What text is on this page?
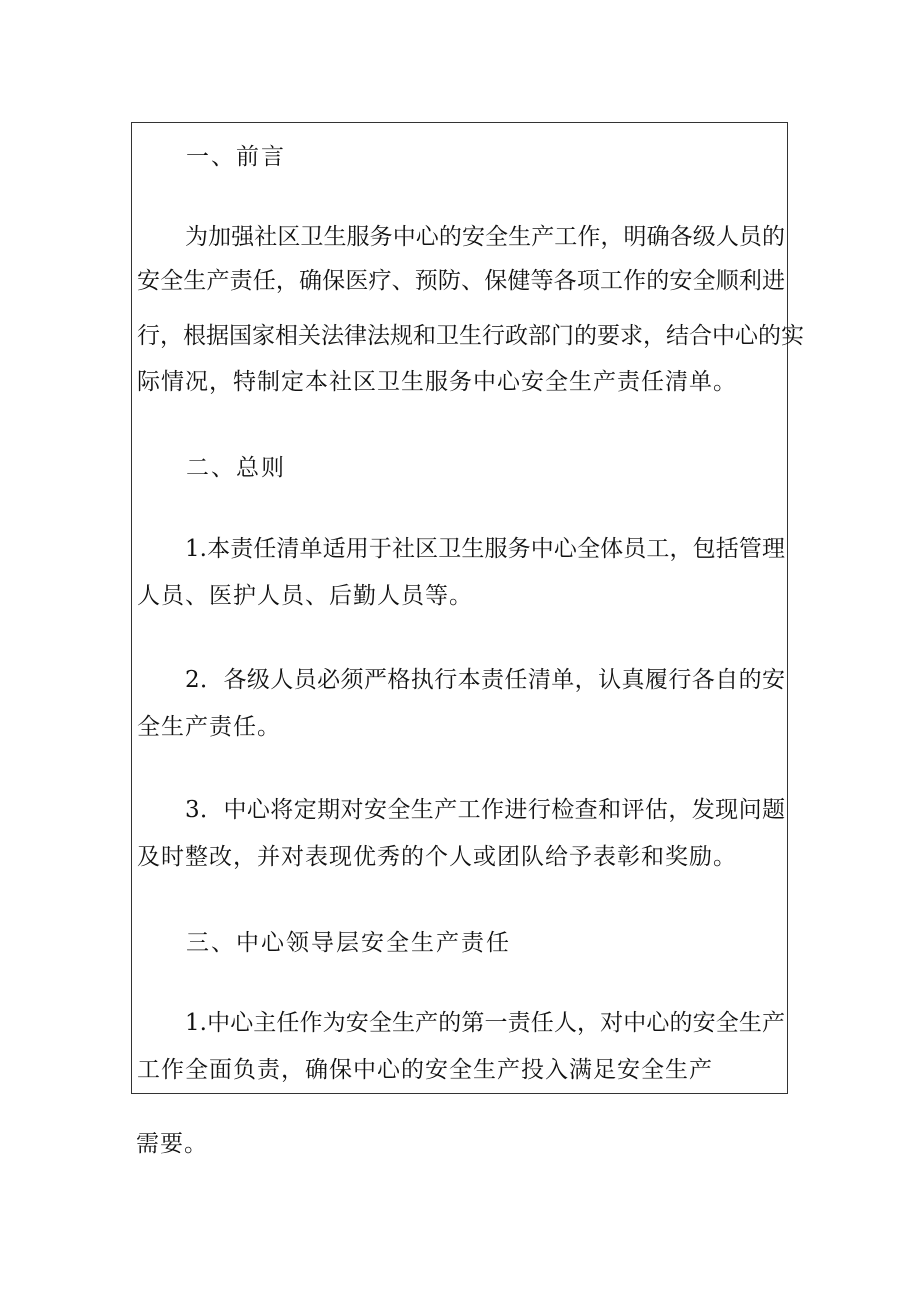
一、前言
为加强社区卫生服务中心的安全生产工作，明确各级人员的
安全生产责任，确保医疗、预防、保健等各项工作的安全顺利进
行，根据国家相关法律法规和卫生行政部门的要求，结合中心的实
际情况，特制定本社区卫生服务中心安全生产责任清单。
二、总则
1.本责任清单适用于社区卫生服务中心全体员工，包括管理
人员、医护人员、后勤人员等。
2．各级人员必须严格执行本责任清单，认真履行各自的安
全生产责任。
3．中心将定期对安全生产工作进行检查和评估，发现问题
及时整改，并对表现优秀的个人或团队给予表彰和奖励。
三、中心领导层安全生产责任
1.中心主任作为安全生产的第一责任人，对中心的安全生产
工作全面负责，确保中心的安全生产投入满足安全生产
需要。
